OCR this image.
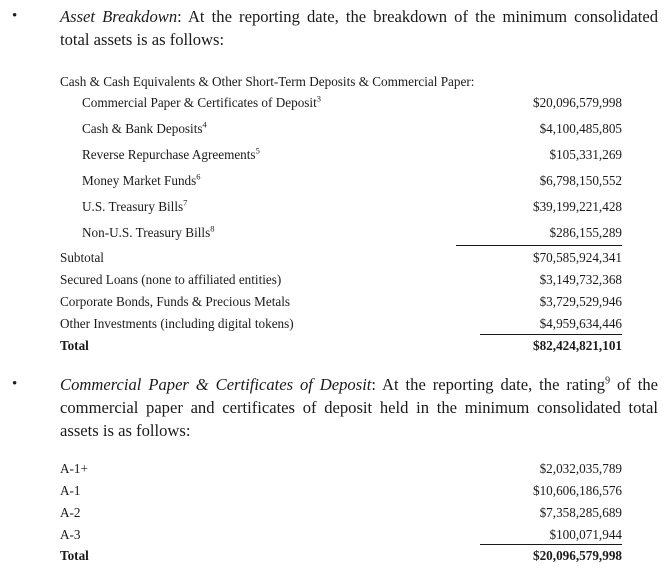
•	Asset Breakdown: At the reporting date, the breakdown of the minimum consolidated total assets is as follows:
Cash & Cash Equivalents & Other Short-Term Deposits & Commercial Paper:
Commercial Paper & Certificates of Deposit$^3$	$20,096,579,998
Cash & Bank Deposits$^4$	$4,100,485,805
Reverse Repurchase Agreements$^5$	$105,331,269
Money Market Funds$^6$	$6,798,150,552
U.S. Treasury Bills$^7$	$39,199,221,428
Non-U.S. Treasury Bills$^8$	$286,155,289
Subtotal	$70,585,924,341
Secured Loans (none to affiliated entities)	$3,149,732,368
Corporate Bonds, Funds & Precious Metals	$3,729,529,946
Other Investments (including digital tokens)	$4,959,634,446
Total	$82,424,821,101
•	Commercial Paper & Certificates of Deposit: At the reporting date, the rating$^9$ of the commercial paper and certificates of deposit held in the minimum consolidated total assets is as follows:
A-1+	$2,032,035,789
A-1	$10,606,186,576
A-2	$7,358,285,689
A-3	$100,071,944
Total	$20,096,579,998
